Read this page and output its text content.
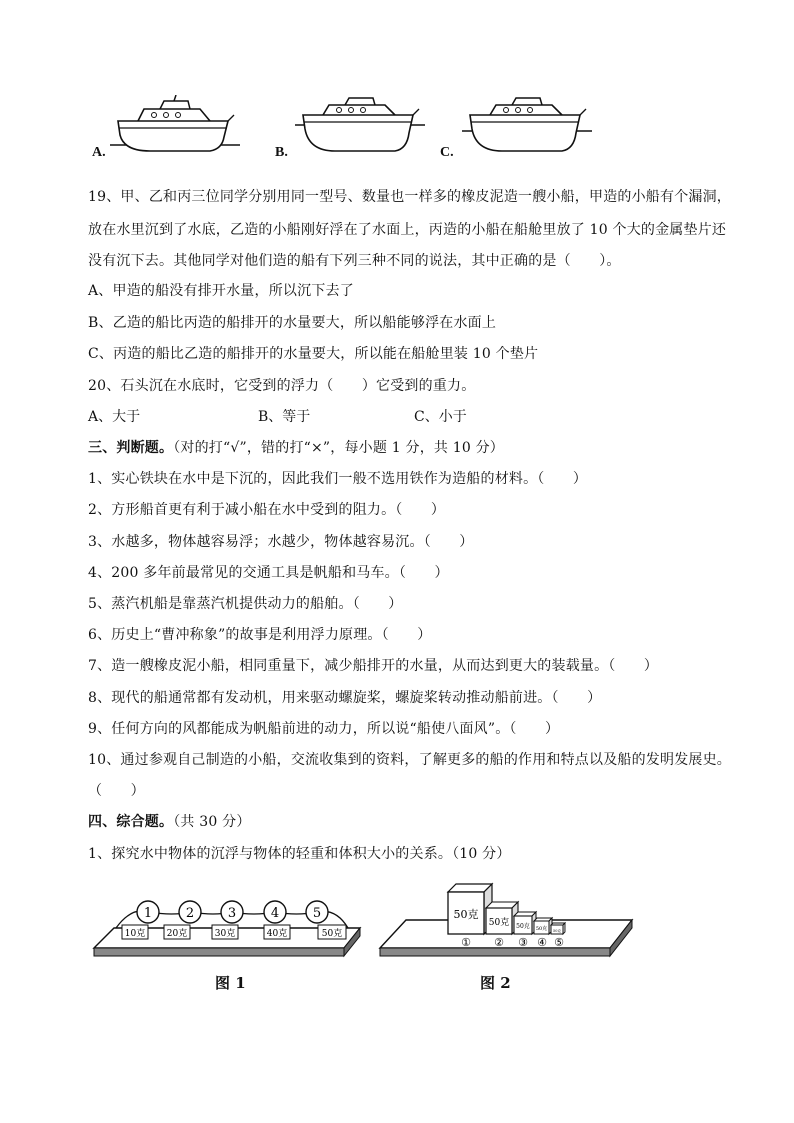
A.	B.	C.
19、甲、乙和丙三位同学分别用同一型号、数量也一样多的橡皮泥造一艘小船，甲造的小船有个漏洞，
放在水里沉到了水底，乙造的小船刚好浮在了水面上，丙造的小船在船舱里放了 10 个大的金属垫片还
没有沉下去。其他同学对他们造的船有下列三种不同的说法，其中正确的是（　　）。
A、甲造的船没有排开水量，所以沉下去了
B、乙造的船比丙造的船排开的水量要大，所以船能够浮在水面上
C、丙造的船比乙造的船排开的水量要大，所以能在船舱里装 10 个垫片
20、石头沉在水底时，它受到的浮力（　　）它受到的重力。
A、大于	B、等于	C、小于
三、判断题。（对的打“√”，错的打“×”，每小题 1 分，共 10 分）
1、实心铁块在水中是下沉的，因此我们一般不选用铁作为造船的材料。（　　）
2、方形船首更有利于减小船在水中受到的阻力。（　　）
3、水越多，物体越容易浮；水越少，物体越容易沉。（　　）
4、200 多年前最常见的交通工具是帆船和马车。（　　）
5、蒸汽机船是靠蒸汽机提供动力的船舶。（　　）
6、历史上“曹冲称象”的故事是利用浮力原理。（　　）
7、造一艘橡皮泥小船，相同重量下，减少船排开的水量，从而达到更大的装载量。（　　）
8、现代的船通常都有发动机，用来驱动螺旋桨，螺旋桨转动推动船前进。（　　）
9、任何方向的风都能成为帆船前进的动力，所以说“船使八面风”。（　　）
10、通过参观自己制造的小船，交流收集到的资料，了解更多的船的作用和特点以及船的发明发展史。
（　　）
四、综合题。（共 30 分）
1、探究水中物体的沉浮与物体的轻重和体积大小的关系。（10 分）
1	2	3	4	5
10克 20克	30克	40克	50克
图 1
50克
50克 50克 50克 50克
① ② ③ ④ ⑤
图 2
